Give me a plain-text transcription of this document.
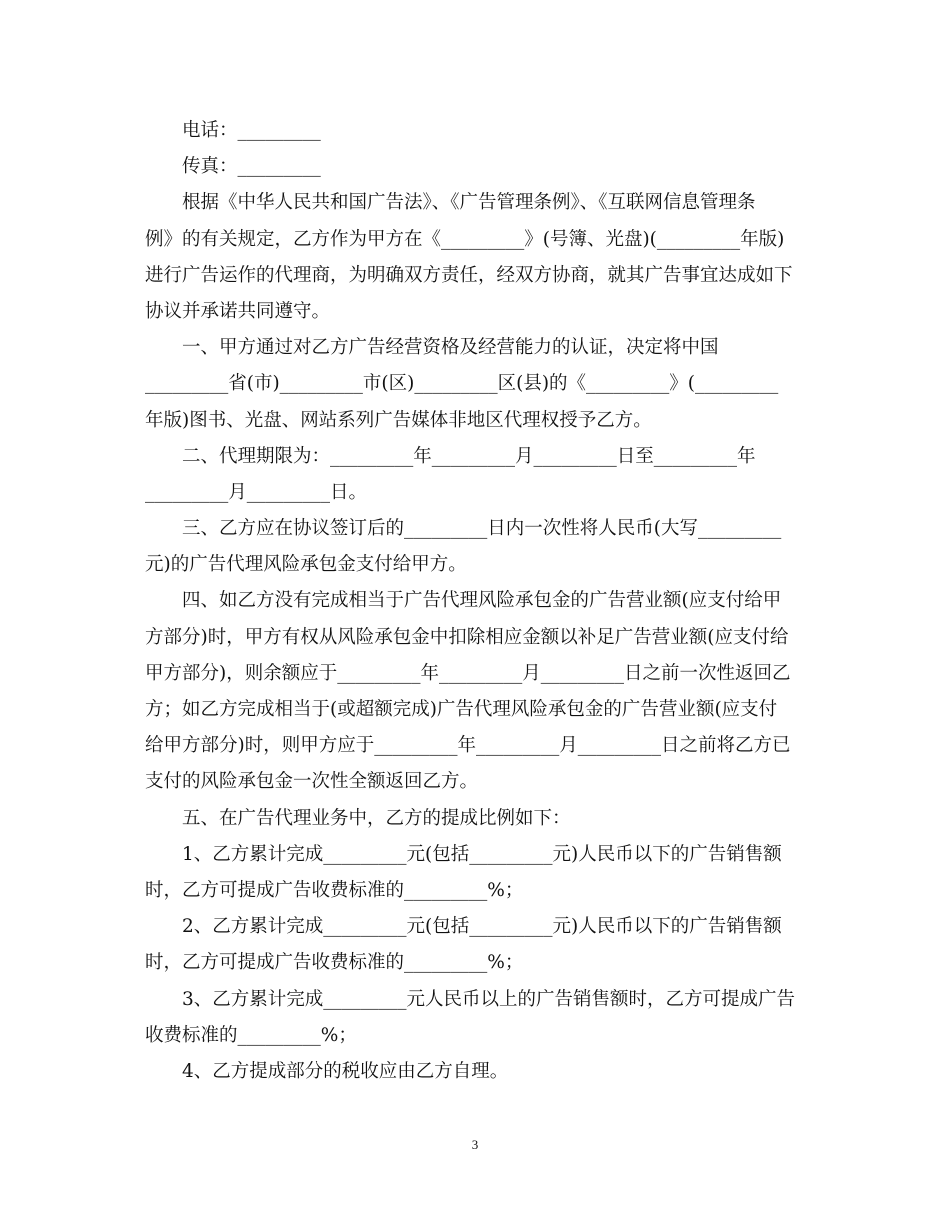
电话：_________
传真：_________
根据《中华人民共和国广告法》、《广告管理条例》、《互联网信息管理条
例》的有关规定，乙方作为甲方在《_________》(号簿、光盘)(_________年版)
进行广告运作的代理商，为明确双方责任，经双方协商，就其广告事宜达成如下
协议并承诺共同遵守。
一、甲方通过对乙方广告经营资格及经营能力的认证，决定将中国
_________省(市)_________市(区)_________区(县)的《_________》(_________
年版)图书、光盘、网站系列广告媒体非地区代理权授予乙方。
二、代理期限为：_________年_________月_________日至_________年
_________月_________日。
三、乙方应在协议签订后的_________日内一次性将人民币(大写_________
元)的广告代理风险承包金支付给甲方。
四、如乙方没有完成相当于广告代理风险承包金的广告营业额(应支付给甲
方部分)时，甲方有权从风险承包金中扣除相应金额以补足广告营业额(应支付给
甲方部分)，则余额应于_________年_________月_________日之前一次性返回乙
方；如乙方完成相当于(或超额完成)广告代理风险承包金的广告营业额(应支付
给甲方部分)时，则甲方应于_________年_________月_________日之前将乙方已
支付的风险承包金一次性全额返回乙方。
五、在广告代理业务中，乙方的提成比例如下：
1、乙方累计完成_________元(包括_________元)人民币以下的广告销售额
时，乙方可提成广告收费标准的_________%；
2、乙方累计完成_________元(包括_________元)人民币以下的广告销售额
时，乙方可提成广告收费标准的_________%；
3、乙方累计完成_________元人民币以上的广告销售额时，乙方可提成广告
收费标准的_________%；
4、乙方提成部分的税收应由乙方自理。
3
